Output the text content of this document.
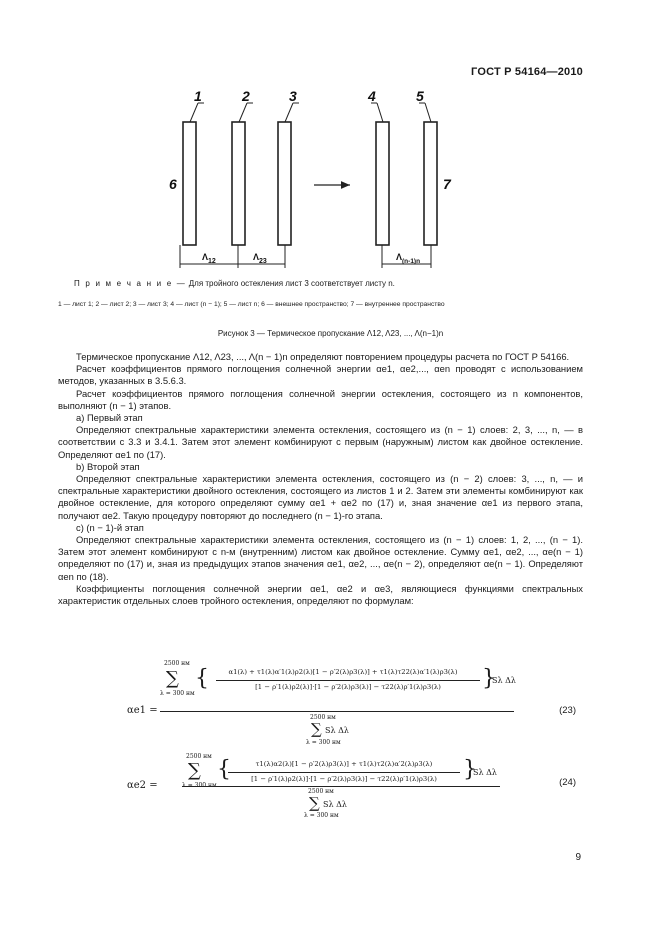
ГОСТ Р 54164—2010
1	2	3	4	5
6	7
$\Lambda_{12}$	$\Lambda_{23}$	$\Lambda_{(n-1)n}$
П р и м е ч а н и е — Для тройного остекления лист 3 соответствует листу n.
1 — лист 1; 2 — лист 2; 3 — лист 3; 4 — лист (n − 1); 5 — лист n; 6 — внешнее пространство; 7 — внутреннее пространство
Рисунок 3 — Термическое пропускание Λ12, Λ23, ..., Λ(n−1)n

Термическое пропускание Λ12, Λ23, ..., Λ(n − 1)n определяют повторением процедуры расчета по ГОСТ Р 54166.

Расчет коэффициентов прямого поглощения солнечной энергии αe1, αe2,..., αen проводят с использованием методов, указанных в 3.5.6.3.

Расчет коэффициентов прямого поглощения солнечной энергии остекления, состоящего из n компонентов, выполняют (n − 1) этапов.

a) Первый этап

Определяют спектральные характеристики элемента остекления, состоящего из (n − 1) слоев: 2, 3, ..., n, — в соответствии с 3.3 и 3.4.1. Затем этот элемент комбинируют с первым (наружным) листом как двойное остекление. Определяют αe1 по (17).

b) Второй этап

Определяют спектральные характеристики элемента остекления, состоящего из (n − 2) слоев: 3, ..., n, — и спектральные характеристики двойного остекления, состоящего из листов 1 и 2. Затем эти элементы комбинируют как двойное остекление, для которого определяют сумму αe1 + αe2 по (17) и, зная значение αe1 из первого этапа, получают αe2. Такую процедуру повторяют до последнего (n − 1)-го этапа.

c) (n − 1)-й этап

Определяют спектральные характеристики элемента остекления, состоящего из (n − 1) слоев: 1, 2, ..., (n − 1). Затем этот элемент комбинируют с n-м (внутренним) листом как двойное остекление. Сумму αe1, αe2, ..., αe(n − 1) определяют по (17) и, зная из предыдущих этапов значения αe1, αe2, ..., αe(n − 2), определяют αe(n − 1). Определяют αen по (18).

Коэффициенты поглощения солнечной энергии αe1, αe2 и αe3, являющиеся функциями спектральных характеристик отдельных слоев тройного остекления, определяют по формулам:

αe1 =
2500 нм
∑
λ = 300 нм
{	α1(λ) + τ1(λ)α′1(λ)ρ2(λ)[1 − ρ′2(λ)ρ3(λ)] + τ1(λ)τ22(λ)α′1(λ)ρ3(λ)
[1 − ρ′1(λ)ρ2(λ)]·[1 − ρ′2(λ)ρ3(λ)] − τ22(λ)ρ′1(λ)ρ3(λ)	}
Sλ Δλ
2500 нм
∑ Sλ Δλ
λ = 300 нм
(23)
αe2 =
2500 нм
∑
λ = 300 нм
{	τ1(λ)α2(λ)[1 − ρ′2(λ)ρ3(λ)] + τ1(λ)τ2(λ)α′2(λ)ρ3(λ)
[1 − ρ′1(λ)ρ2(λ)]·[1 − ρ′2(λ)ρ3(λ)] − τ22(λ)ρ′1(λ)ρ3(λ)	}
Sλ Δλ
2500 нм
∑ Sλ Δλ
λ = 300 нм
(24)
9
